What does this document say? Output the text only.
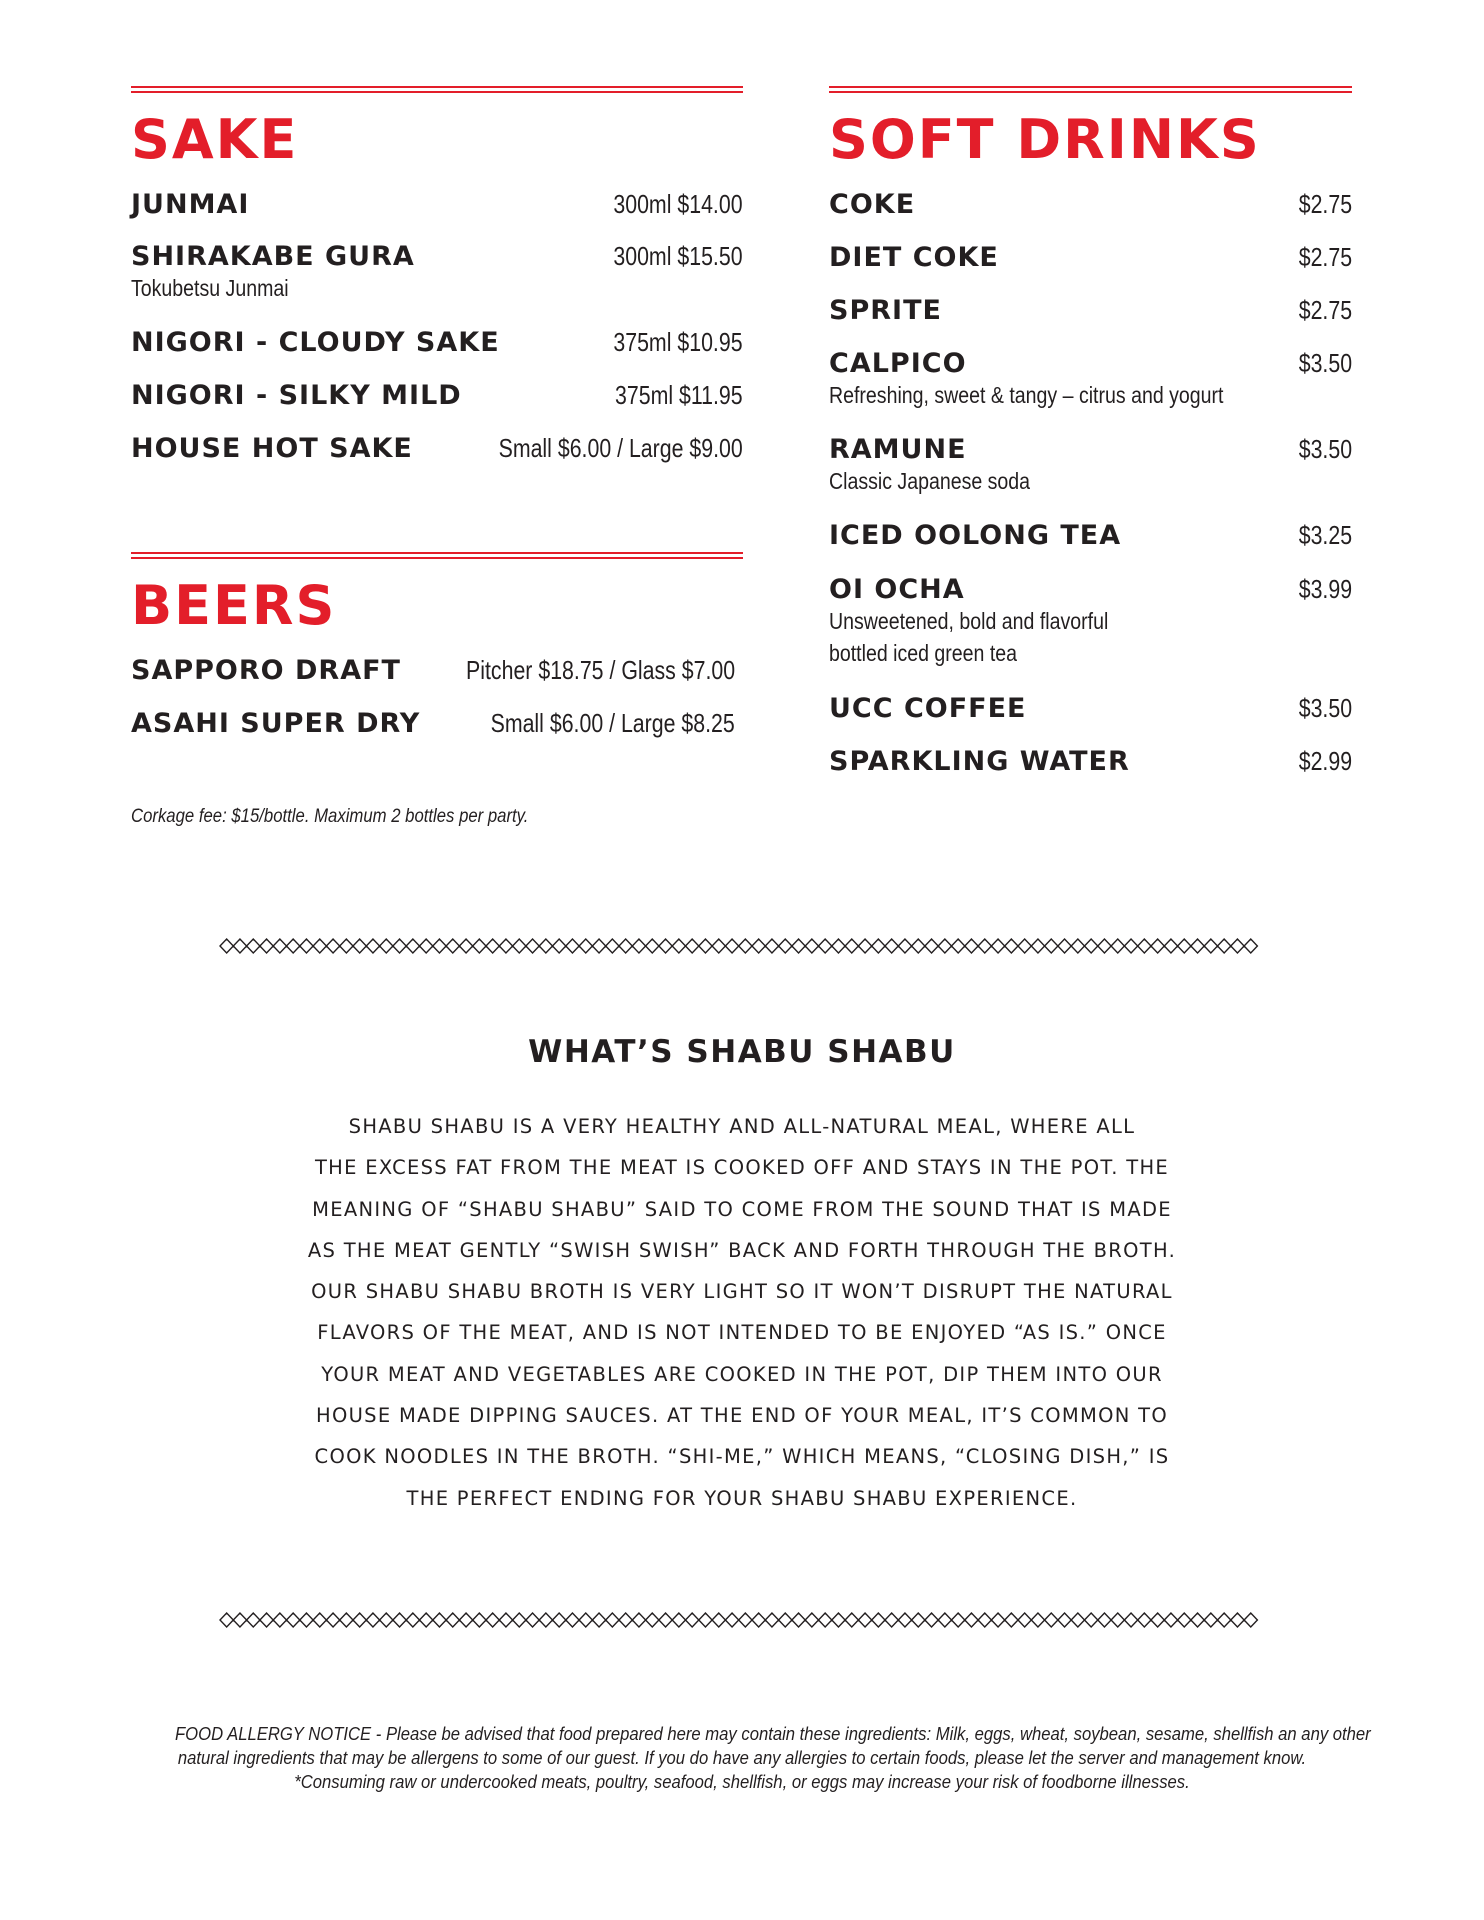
SAKE
JUNMAI	300ml $14.00
SHIRAKABE GURA	300ml $15.50
Tokubetsu Junmai
NIGORI - CLOUDY SAKE	375ml $10.95
NIGORI - SILKY MILD	375ml $11.95
HOUSE HOT SAKE	Small $6.00 / Large $9.00
BEERS
SAPPORO DRAFT Pitcher $18.75 / Glass $7.00
ASAHI SUPER DRY	Small $6.00 / Large $8.25
Corkage fee: $15/bottle. Maximum 2 bottles per party.
SOFT DRINKS
COKE	$2.75
DIET COKE	$2.75
SPRITE	$2.75
CALPICO	$3.50
Refreshing, sweet & tangy – citrus and yogurt
RAMUNE	$3.50
Classic Japanese soda
ICED OOLONG TEA	$3.25
OI OCHA	$3.99
Unsweetened, bold and flavorful
bottled iced green tea
UCC COFFEE	$3.50
SPARKLING WATER	$2.99
WHAT’S SHABU SHABU
SHABU SHABU IS A VERY HEALTHY AND ALL-NATURAL MEAL, WHERE ALL
THE EXCESS FAT FROM THE MEAT IS COOKED OFF AND STAYS IN THE POT. THE
MEANING OF “SHABU SHABU” SAID TO COME FROM THE SOUND THAT IS MADE
AS THE MEAT GENTLY “SWISH SWISH” BACK AND FORTH THROUGH THE BROTH.
OUR SHABU SHABU BROTH IS VERY LIGHT SO IT WON’T DISRUPT THE NATURAL
FLAVORS OF THE MEAT, AND IS NOT INTENDED TO BE ENJOYED “AS IS.” ONCE
YOUR MEAT AND VEGETABLES ARE COOKED IN THE POT, DIP THEM INTO OUR
HOUSE MADE DIPPING SAUCES. AT THE END OF YOUR MEAL, IT’S COMMON TO
COOK NOODLES IN THE BROTH. “SHI-ME,” WHICH MEANS, “CLOSING DISH,” IS
THE PERFECT ENDING FOR YOUR SHABU SHABU EXPERIENCE.
FOOD ALLERGY NOTICE - Please be advised that food prepared here may contain these ingredients: Milk, eggs, wheat, soybean, sesame, shellfish an any other
natural ingredients that may be allergens to some of our guest. If you do have any allergies to certain foods, please let the server and management know.
*Consuming raw or undercooked meats, poultry, seafood, shellfish, or eggs may increase your risk of foodborne illnesses.
